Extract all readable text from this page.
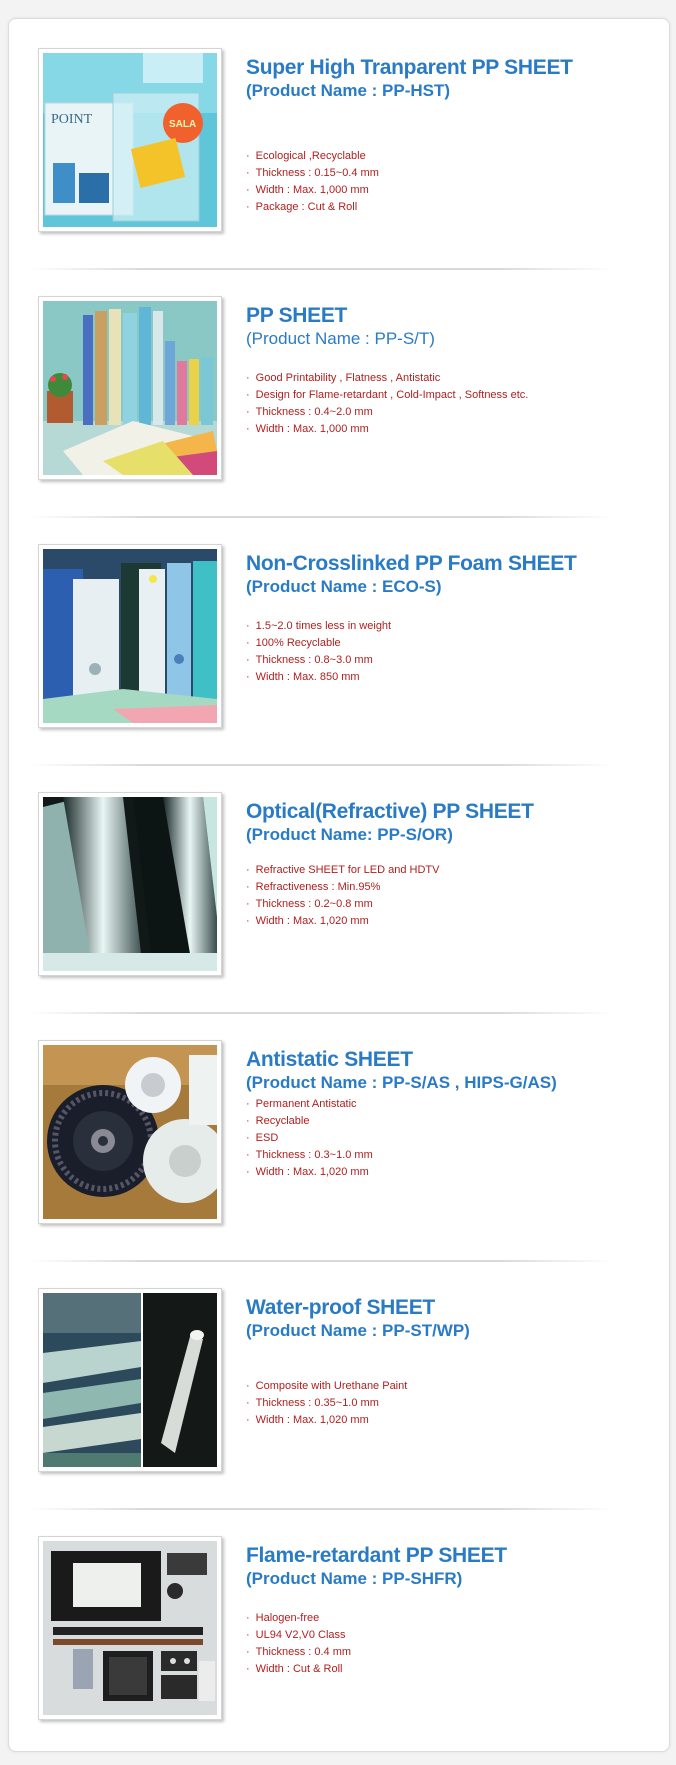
POINT	SALA
Super High Tranparent PP SHEET
(Product Name : PP-HST)
· Ecological ,Recyclable
· Thickness : 0.15~0.4 mm
· Width : Max. 1,000 mm
· Package : Cut & Roll
PP SHEET
(Product Name : PP-S/T)
· Good Printability , Flatness , Antistatic
· Design for Flame-retardant , Cold-Impact , Softness etc.
· Thickness : 0.4~2.0 mm
· Width : Max. 1,000 mm
Non-Crosslinked PP Foam SHEET
(Product Name : ECO-S)
· 1.5~2.0 times less in weight
· 100% Recyclable
· Thickness : 0.8~3.0 mm
· Width : Max. 850 mm
Optical(Refractive) PP SHEET
(Product Name: PP-S/OR)
· Refractive SHEET for LED and HDTV
· Refractiveness : Min.95%
· Thickness : 0.2~0.8 mm
· Width : Max. 1,020 mm
Antistatic SHEET
(Product Name : PP-S/AS , HIPS-G/AS)
· Permanent Antistatic
· Recyclable
· ESD
· Thickness : 0.3~1.0 mm
· Width : Max. 1,020 mm
Water-proof SHEET
(Product Name : PP-ST/WP)
· Composite with Urethane Paint
· Thickness : 0.35~1.0 mm
· Width : Max. 1,020 mm
Flame-retardant PP SHEET
(Product Name : PP-SHFR)
· Halogen-free
· UL94 V2,V0 Class
· Thickness : 0.4 mm
· Width : Cut & Roll
